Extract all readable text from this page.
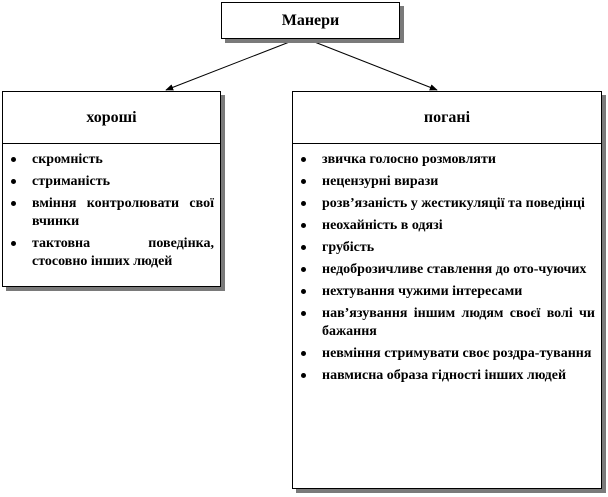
Манери
хороші
скромність
стриманість
вміння контролювати свої вчинки
тактовна поведінка, стосовно інших людей
погані
звичка голосно розмовляти
нецензурні вирази
розв’язаність у жестикуляції та поведінці
неохайність в одязі
грубість
недоброзичливе ставлення до ото-чуючих
нехтування чужими інтересами
нав’язування іншим людям своєї волі чи бажання
невміння стримувати своє роздра-тування
навмисна образа гідності інших людей
